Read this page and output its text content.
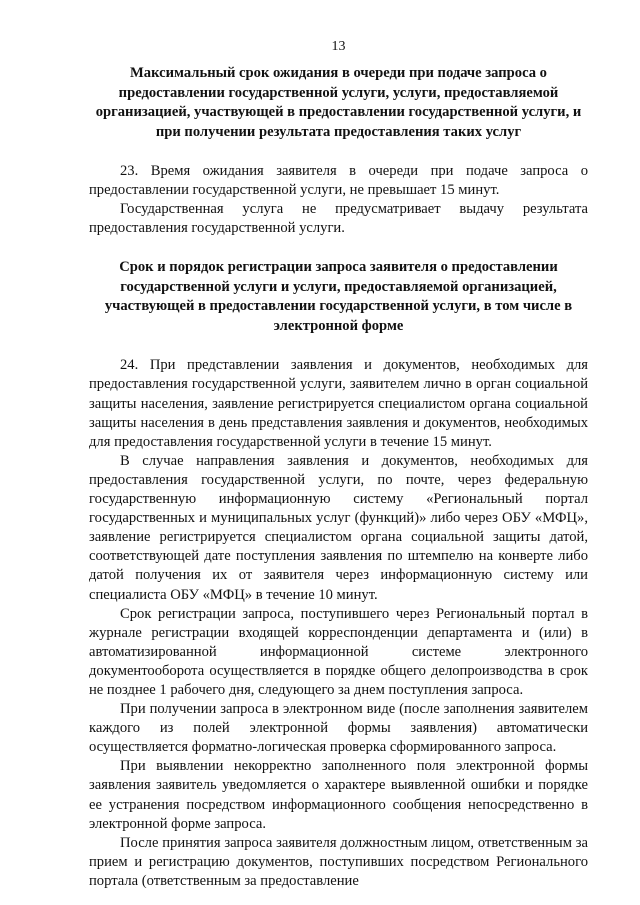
13
Максимальный срок ожидания в очереди при подаче запроса о предоставлении государственной услуги, услуги, предоставляемой организацией, участвующей в предоставлении государственной услуги, и при получении результата предоставления таких услуг

23. Время ожидания заявителя в очереди при подаче запроса о предоставлении государственной услуги, не превышает 15 минут.

Государственная услуга не предусматривает выдачу результата предоставления государственной услуги.

Срок и порядок регистрации запроса заявителя о предоставлении государственной услуги и услуги, предоставляемой организацией, участвующей в предоставлении государственной услуги, в том числе в электронной форме

24. При представлении заявления и документов, необходимых для предоставления государственной услуги, заявителем лично в орган социальной защиты населения, заявление регистрируется специалистом органа социальной защиты населения в день представления заявления и документов, необходимых для предоставления государственной услуги в течение 15 минут.

В случае направления заявления и документов, необходимых для предоставления государственной услуги, по почте, через федеральную государственную информационную систему «Региональный портал государственных и муниципальных услуг (функций)» либо через ОБУ «МФЦ», заявление регистрируется специалистом органа социальной защиты датой, соответствующей дате поступления заявления по штемпелю на конверте либо датой получения их от заявителя через информационную систему или специалиста ОБУ «МФЦ» в течение 10 минут.

Срок регистрации запроса, поступившего через Региональный портал в журнале регистрации входящей корреспонденции департамента и (или) в автоматизированной информационной системе электронного документооборота осуществляется в порядке общего делопроизводства в срок не позднее 1 рабочего дня, следующего за днем поступления запроса.

При получении запроса в электронном виде (после заполнения заявителем каждого из полей электронной формы заявления) автоматически осуществляется форматно-логическая проверка сформированного запроса.

При выявлении некорректно заполненного поля электронной формы заявления заявитель уведомляется о характере выявленной ошибки и порядке ее устранения посредством информационного сообщения непосредственно в электронной форме запроса.

После принятия запроса заявителя должностным лицом, ответственным за прием и регистрацию документов, поступивших посредством Регионального портала (ответственным за предоставление
